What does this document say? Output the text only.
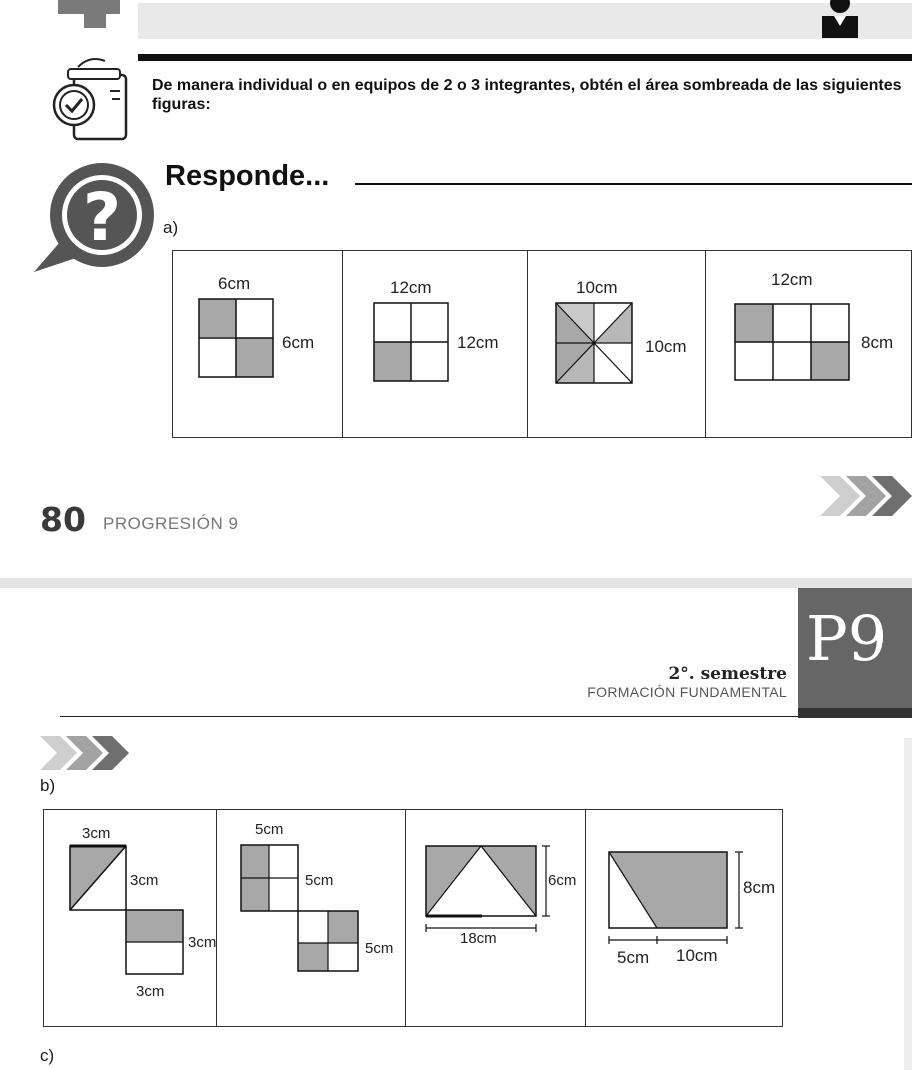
De manera individual o en equipos de 2 o 3 integrantes, obtén el área sombreada de las siguientes figuras:
?
Responde...
a)
6cm
6cm
12cm
12cm
10cm
10cm
12cm
8cm
80 PROGRESIÓN 9
2°. semestre
FORMACIÓN FUNDAMENTAL
P9
b)
3cm
3cm
3cm
3cm
5cm
5cm
5cm
6cm
18cm
8cm
5cm 10cm
c)
